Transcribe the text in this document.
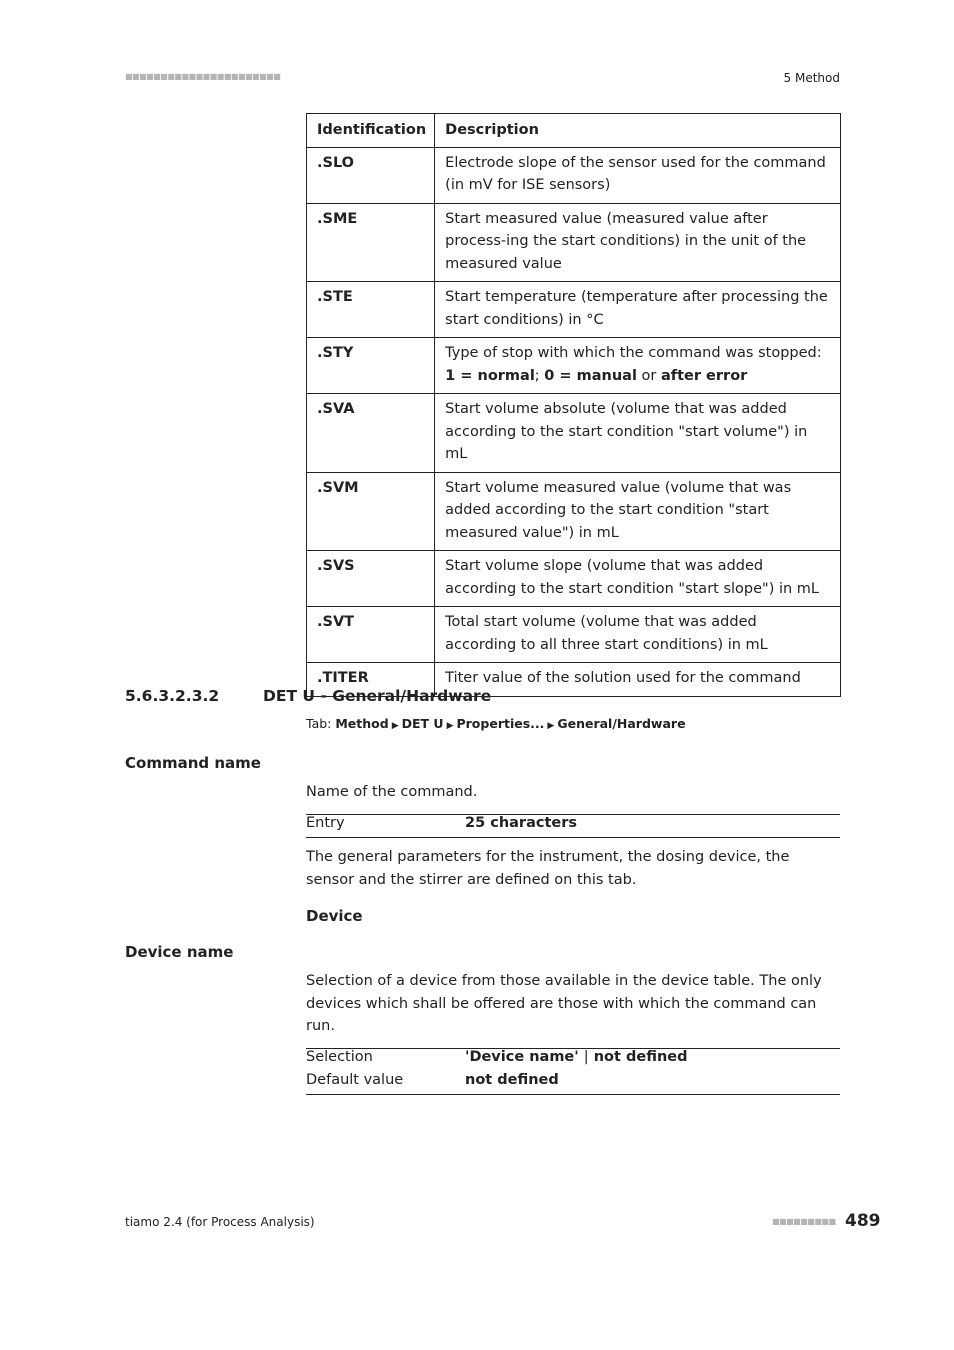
■■■■■■■■■■■■■■■■■■■■■■	5 Method
Identification	Description
.SLO	Electrode slope of the sensor used for the command (in mV for ISE sensors)
.SME	Start measured value (measured value after process-ing the start conditions) in the unit of the measured value
.STE	Start temperature (temperature after processing the start conditions) in °C
.STY	Type of stop with which the command was stopped:
1 = normal; 0 = manual or after error
.SVA	Start volume absolute (volume that was added according to the start condition "start volume") in mL
.SVM	Start volume measured value (volume that was added according to the start condition "start measured value") in mL
.SVS	Start volume slope (volume that was added according to the start condition "start slope") in mL
.SVT	Total start volume (volume that was added according to all three start conditions) in mL
.TITER	Titer value of the solution used for the command
5.6.3.2.3.2	DET U - General/Hardware
Tab: Method ▶ DET U ▶ Properties... ▶ General/Hardware
Command name
Name of the command.
Entry	25 characters
The general parameters for the instrument, the dosing device, the sensor and the stirrer are defined on this tab.
Device
Device name
Selection of a device from those available in the device table. The only devices which shall be offered are those with which the command can run.
Selection	'Device name' | not defined
Default value	not defined
tiamo 2.4 (for Process Analysis)	■■■■■■■■■ 489
